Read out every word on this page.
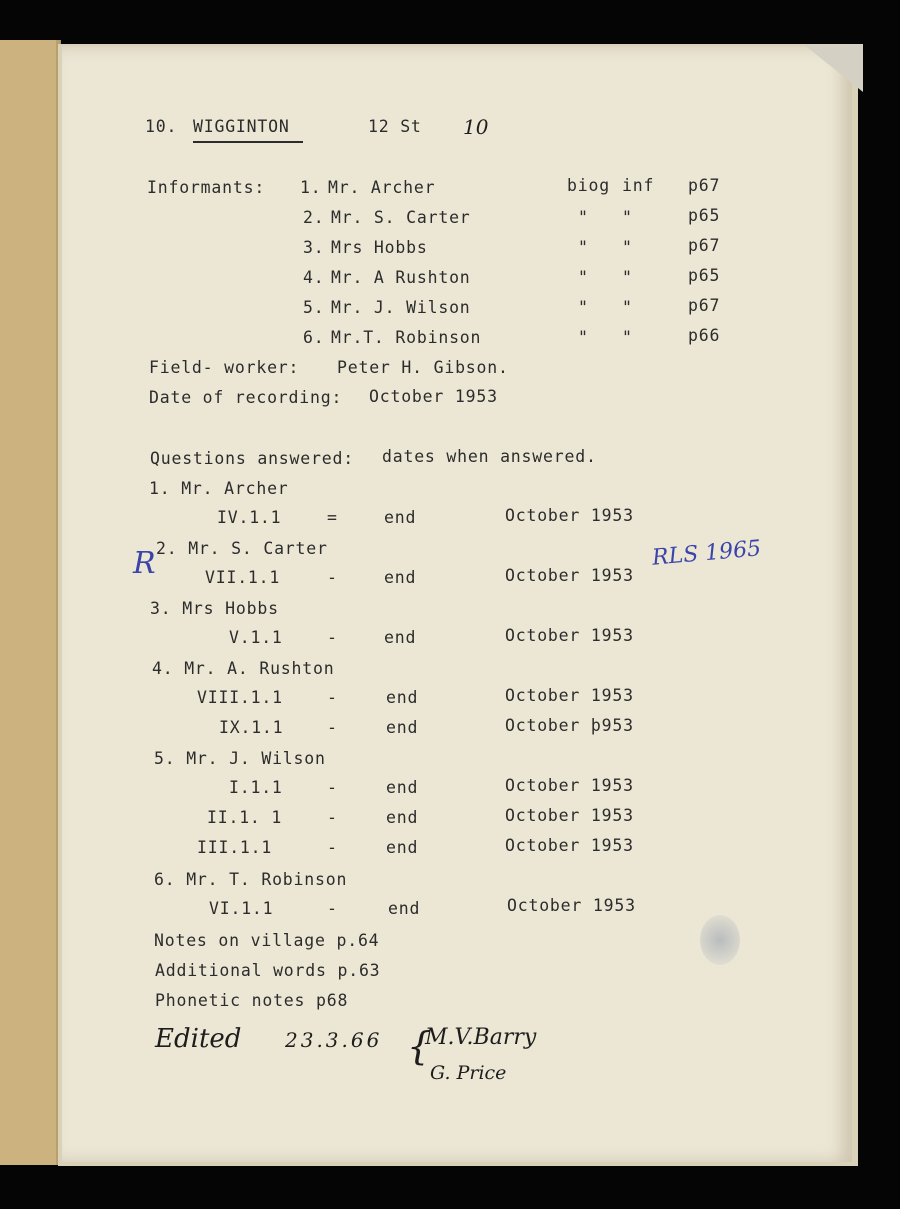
10. WIGGINTON	12 St 10
Informants: 1. Mr. Archer	biog inf p67
2. Mr. S. Carter	" "	p65
3. Mrs Hobbs	" "	p67
4. Mr. A Rushton	" "	p65
5. Mr. J. Wilson	" "	p67
6. Mr.T. Robinson	" "	p66
Field- worker: Peter H. Gibson.
Date of recording: October 1953
Questions answered: dates when answered.
1. Mr. Archer
IV.1.1	=	end	October 1953
2. Mr. S. Carter
VII.1.1	-	end	October 1953
3. Mrs Hobbs
V.1.1	-	end	October 1953
4. Mr. A. Rushton
VIII.1.1	-	end	October 1953
IX.1.1	-	end	October þ953
5. Mr. J. Wilson
I.1.1	-	end	October 1953
II.1. 1	-	end	October 1953
III.1.1	-	end	October 1953
6. Mr. T. Robinson
VI.1.1	-	end	October 1953
Notes on village p.64
Additional words p.63
Phonetic notes p68
R	RLS 1965
Edited 23.3.66 {
M.V.Barry
G. Price
